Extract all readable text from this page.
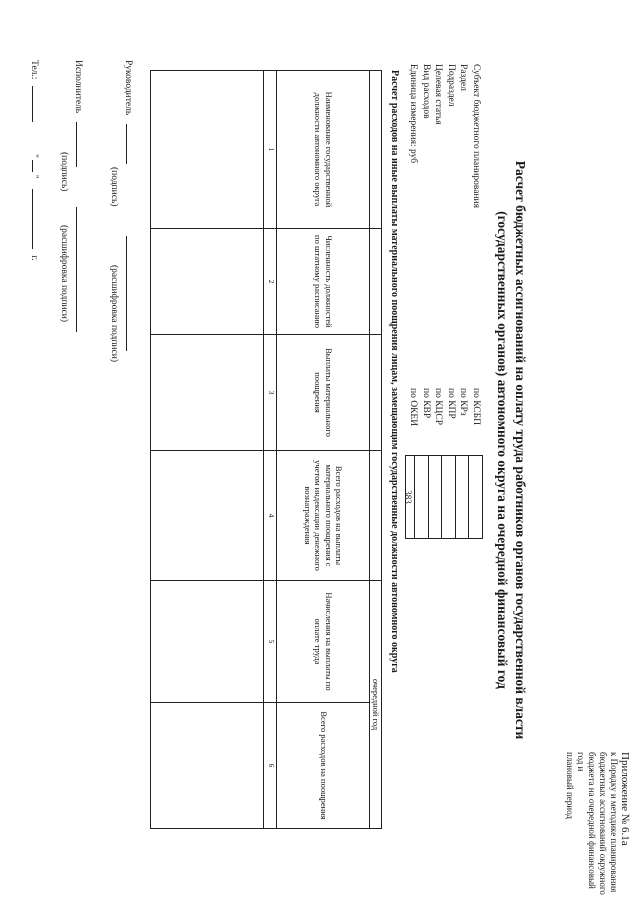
Приложение № 6.1а
к Порядку и методике планирования
бюджетных ассигнований окружного
бюджета на очередной финансовый год и
плановый период
Расчет бюджетных ассигнований на оплату труда работников органов государственной власти
(государственных органов) автономного округа на очередной финансовый год
Субъект бюджетного планирования
Раздел
Подраздел
Целевая статья
Вид расходов
Единица измерения: руб
по КСБП
по КРз
по КПР
по КЦСР
по КВР
по ОКЕИ
383
Расчет расходов на иные выплаты материального поощрения лицам, замещающим государственные должности автономного округа
				очередной год	
Наименование государственной должности автономного округа	Численность должностей по штатному расписанию	Выплаты материального поощрения	Всего расходов на выплаты материального поощрения с учетом индексации денежного вознаграждения	Начисления на выплаты по оплате труда	Всего расходов на поощрения
1	2	3	4	5	6

Руководитель
(подпись)
(расшифровка подписи)
Исполнитель
(подпись)
(расшифровка подписи)
Тел.:  "  "  г.
